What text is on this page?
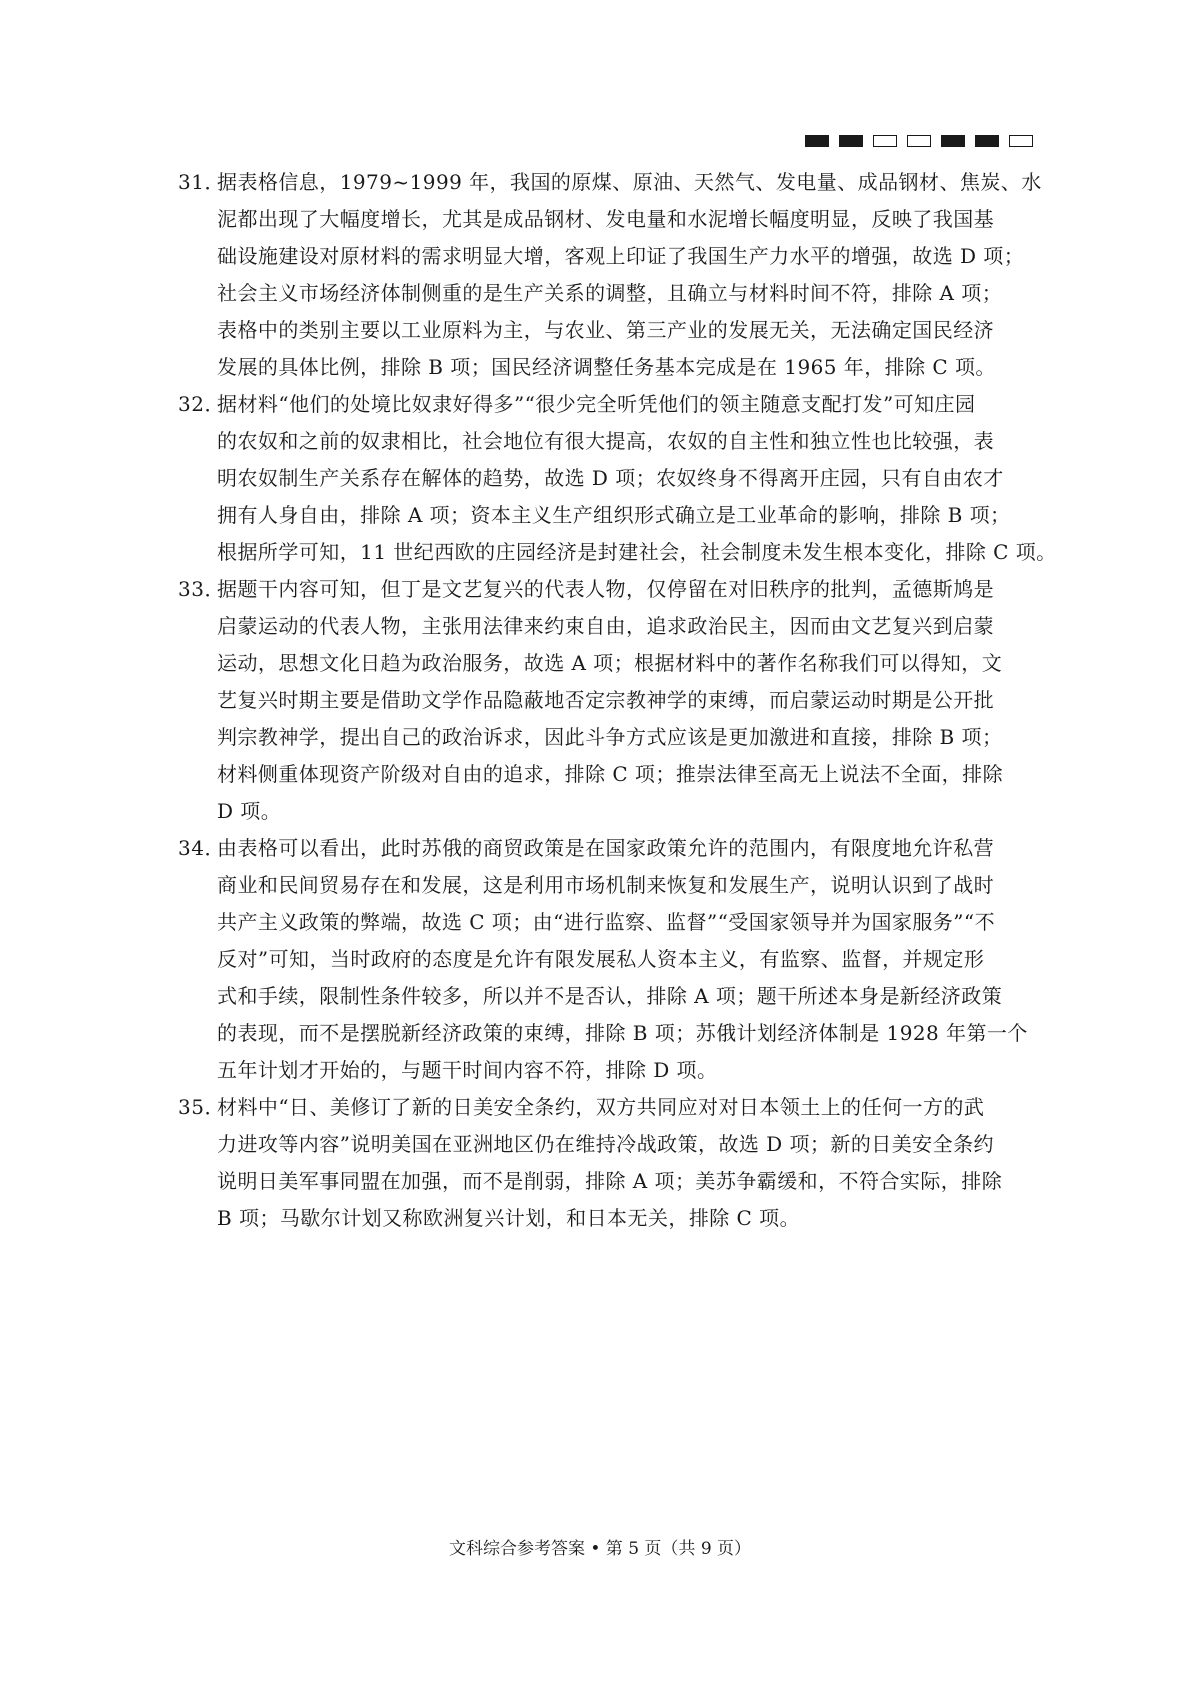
31．
据表格信息，1979~1999 年，我国的原煤、原油、天然气、发电量、成品钢材、焦炭、水
泥都出现了大幅度增长，尤其是成品钢材、发电量和水泥增长幅度明显，反映了我国基
础设施建设对原材料的需求明显大增，客观上印证了我国生产力水平的增强，故选 D 项；
社会主义市场经济体制侧重的是生产关系的调整，且确立与材料时间不符，排除 A 项；
表格中的类别主要以工业原料为主，与农业、第三产业的发展无关，无法确定国民经济
发展的具体比例，排除 B 项；国民经济调整任务基本完成是在 1965 年，排除 C 项。
32．
据材料“他们的处境比奴隶好得多”“很少完全听凭他们的领主随意支配打发”可知庄园
的农奴和之前的奴隶相比，社会地位有很大提高，农奴的自主性和独立性也比较强，表
明农奴制生产关系存在解体的趋势，故选 D 项；农奴终身不得离开庄园，只有自由农才
拥有人身自由，排除 A 项；资本主义生产组织形式确立是工业革命的影响，排除 B 项；
根据所学可知，11 世纪西欧的庄园经济是封建社会，社会制度未发生根本变化，排除 C 项。
33．
据题干内容可知，但丁是文艺复兴的代表人物，仅停留在对旧秩序的批判，孟德斯鸠是
启蒙运动的代表人物，主张用法律来约束自由，追求政治民主，因而由文艺复兴到启蒙
运动，思想文化日趋为政治服务，故选 A 项；根据材料中的著作名称我们可以得知，文
艺复兴时期主要是借助文学作品隐蔽地否定宗教神学的束缚，而启蒙运动时期是公开批
判宗教神学，提出自己的政治诉求，因此斗争方式应该是更加激进和直接，排除 B 项；
材料侧重体现资产阶级对自由的追求，排除 C 项；推崇法律至高无上说法不全面，排除
D 项。
34．
由表格可以看出，此时苏俄的商贸政策是在国家政策允许的范围内，有限度地允许私营
商业和民间贸易存在和发展，这是利用市场机制来恢复和发展生产，说明认识到了战时
共产主义政策的弊端，故选 C 项；由“进行监察、监督”“受国家领导并为国家服务”“不
反对”可知，当时政府的态度是允许有限发展私人资本主义，有监察、监督，并规定形
式和手续，限制性条件较多，所以并不是否认，排除 A 项；题干所述本身是新经济政策
的表现，而不是摆脱新经济政策的束缚，排除 B 项；苏俄计划经济体制是 1928 年第一个
五年计划才开始的，与题干时间内容不符，排除 D 项。
35．
材料中“日、美修订了新的日美安全条约，双方共同应对对日本领土上的任何一方的武
力进攻等内容”说明美国在亚洲地区仍在维持冷战政策，故选 D 项；新的日美安全条约
说明日美军事同盟在加强，而不是削弱，排除 A 项；美苏争霸缓和，不符合实际，排除
B 项；马歇尔计划又称欧洲复兴计划，和日本无关，排除 C 项。
文科综合参考答案 • 第 5 页（共 9 页）
